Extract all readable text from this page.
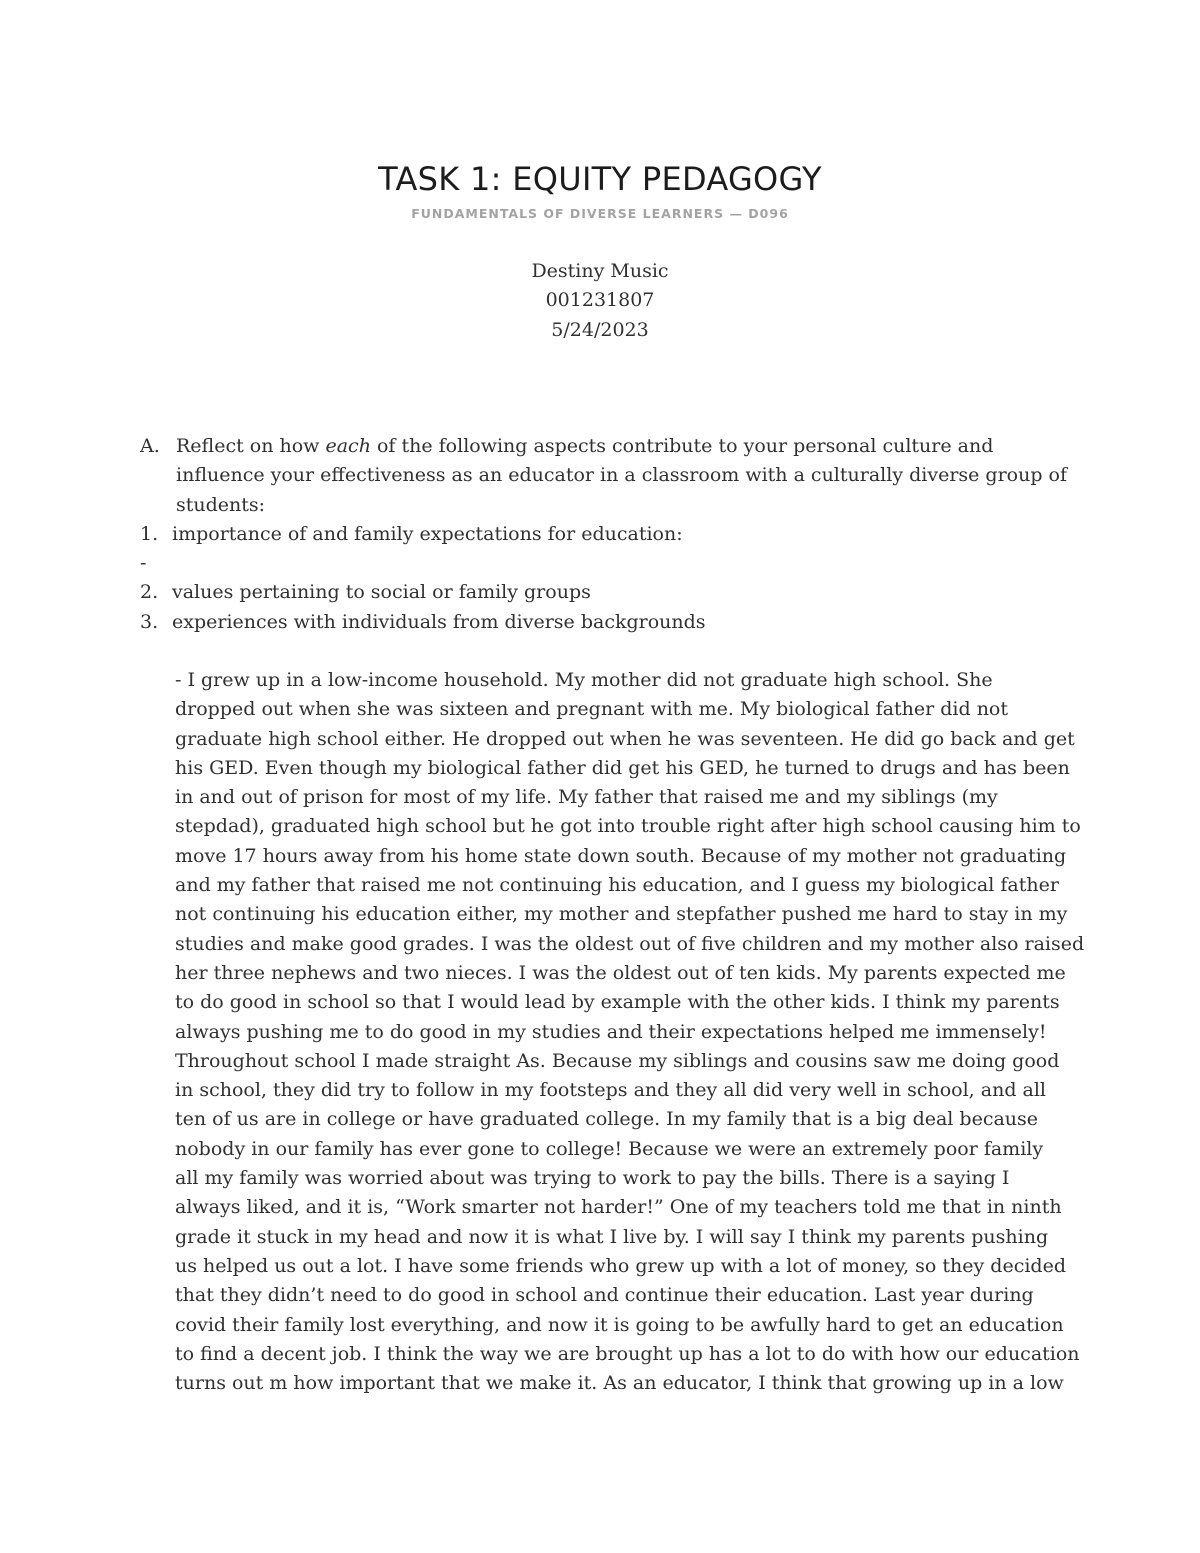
TASK 1: EQUITY PEDAGOGY
FUNDAMENTALS OF DIVERSE LEARNERS — D096
Destiny Music
001231807
5/24/2023
A. Reflect on how each of the following aspects contribute to your personal culture and
influence your effectiveness as an educator in a classroom with a culturally diverse group of
students:
1. importance of and family expectations for education:
-
2. values pertaining to social or family groups
3. experiences with individuals from diverse backgrounds
- I grew up in a low-income household. My mother did not graduate high school. She
dropped out when she was sixteen and pregnant with me. My biological father did not
graduate high school either. He dropped out when he was seventeen. He did go back and get
his GED. Even though my biological father did get his GED, he turned to drugs and has been
in and out of prison for most of my life. My father that raised me and my siblings (my
stepdad), graduated high school but he got into trouble right after high school causing him to
move 17 hours away from his home state down south. Because of my mother not graduating
and my father that raised me not continuing his education, and I guess my biological father
not continuing his education either, my mother and stepfather pushed me hard to stay in my
studies and make good grades. I was the oldest out of five children and my mother also raised
her three nephews and two nieces. I was the oldest out of ten kids. My parents expected me
to do good in school so that I would lead by example with the other kids. I think my parents
always pushing me to do good in my studies and their expectations helped me immensely!
Throughout school I made straight As. Because my siblings and cousins saw me doing good
in school, they did try to follow in my footsteps and they all did very well in school, and all
ten of us are in college or have graduated college. In my family that is a big deal because
nobody in our family has ever gone to college! Because we were an extremely poor family
all my family was worried about was trying to work to pay the bills. There is a saying I
always liked, and it is, “Work smarter not harder!” One of my teachers told me that in ninth
grade it stuck in my head and now it is what I live by. I will say I think my parents pushing
us helped us out a lot. I have some friends who grew up with a lot of money, so they decided
that they didn’t need to do good in school and continue their education. Last year during
covid their family lost everything, and now it is going to be awfully hard to get an education
to find a decent job. I think the way we are brought up has a lot to do with how our education
turns out m how important that we make it. As an educator, I think that growing up in a low
